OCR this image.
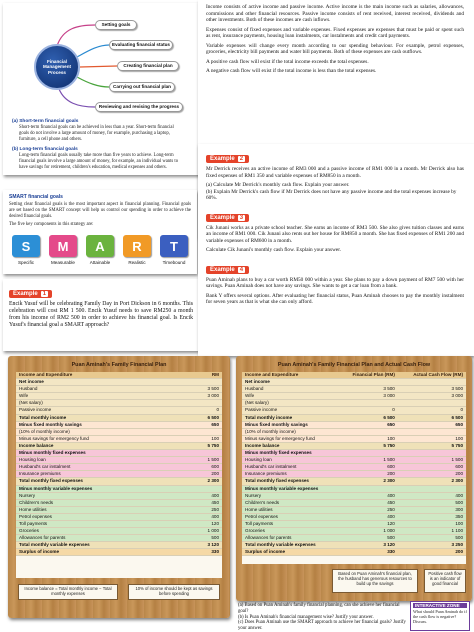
Financial
Management
Process
Setting goals
Evaluating financial status
Creating financial plan
Carrying out financial plan
Reviewing and revising the progress
(a) Short-term financial goals
Short-term financial goals can be achieved in less than a year. Short-term financial goals do not involve a large amount of money, for example, purchasing a laptop, furniture, a cell phone and others.
(b) Long-term financial goals
Long-term financial goals usually take more than five years to achieve. Long-term financial goals involve a large amount of money, for example, an individual wants to have savings for retirement, children's education, medical expenses and others.

Income consists of active income and passive income. Active income is the main income such as salaries, allowances, commissions and other financial resources. Passive income consists of rent received, interest received, dividends and other investments. Both of these incomes are cash inflows.

Expenses consist of fixed expenses and variable expenses. Fixed expenses are expenses that must be paid or spent such as rent, insurance payments, housing loan instalments, car instalments and credit card payments.

Variable expenses will change every month according to our spending behaviour. For example, petrol expenses, groceries, electricity bill payments and water bill payments. Both of these expenses are cash outflows.

A positive cash flow will exist if the total income exceeds the total expenses.

A negative cash flow will exist if the total income is less than the total expenses.

SMART financial goals
Setting clear financial goals is the most important aspect in financial planning. Financial goals are set based on the SMART concept will help us control our spending in order to achieve the desired financial goals.
The five key components in this strategy are:
S
Specific
M
Measurable
A
Attainable
R
Realistic
T
Timebound
Example 1

Encik Yusuf will be celebrating Family Day in Port Dickson in 6 months. This celebration will cost RM 1 500. Encik Yusuf needs to save RM250 a month from his income of RM2 500 in order to achieve his financial goal. Is Encik Yusuf's financial goal a SMART approach?

Example 2

Mr Derrick receives an active income of RM3 000 and a passive income of RM1 000 in a month. Mr Derrick also has fixed expenses of RM1 350 and variable expenses of RM850 in a month.

(a) Calculate Mr Derrick's monthly cash flow. Explain your answer.

(b) Explain Mr Derrick's cash flow if Mr Derrick does not have any passive income and the total expenses increase by 60%.

Example 3

Cik Junani works as a private school teacher. She earns an income of RM3 500. She also gives tuition classes and earns an income of RM1 000. Cik Junani also rents out her house for RM850 a month. She has fixed expenses of RM1 200 and variable expenses of RM600 in a month.

Calculate Cik Junani's monthly cash flow. Explain your answer.

Example 4

Puan Aminah plans to buy a car worth RM50 000 within a year. She plans to pay a down payment of RM7 500 with her savings. Puan Aminah does not have any savings. She wants to get a car loan from a bank.

Bank Y offers several options. After evaluating her financial status, Puan Aminah chooses to pay the monthly instalment for seven years as that is what she can only afford.

Puan Aminah's Family Financial Plan
Income and Expenditure	RM
Net income	
Husband	3 500
Wife	3 000
(Net salary)	
Passive income	0
Total monthly income	6 500
Minus fixed monthly savings	650
(10% of monthly income)	
Minus savings for emergency fund	100
Income balance	5 750
Minus monthly fixed expenses	
Housing loan	1 500
Husband's car instalment	600
Insurance premiums	200
Total monthly fixed expenses	2 300
Minus monthly variable expenses	
Nursery	400
Children's needs	450
Home utilities	250
Petrol expenses	400
Toll payments	120
Groceries	1 000
Allowances for parents	500
Total monthly variable expenses	3 120
Surplus of income	330
Income balance = Total monthly income − Total monthly expenses
10% of income should be kept as savings before spending
Puan Aminah's Family Financial Plan and Actual Cash Flow
Income and Expenditure	Financial Plan (RM)	Actual Cash Flow (RM)
Net income		
Husband	3 500	3 500
Wife	3 000	3 000
(Net salary)		
Passive income	0	0
Total monthly income	6 500	6 500
Minus fixed monthly savings	650	650
(10% of monthly income)		
Minus savings for emergency fund	100	100
Income balance	5 750	5 750
Minus monthly fixed expenses		
Housing loan	1 500	1 500
Husband's car instalment	600	600
Insurance premiums	200	200
Total monthly fixed expenses	2 300	2 300
Minus monthly variable expenses		
Nursery	400	400
Children's needs	450	500
Home utilities	250	300
Petrol expenses	400	350
Toll payments	120	100
Groceries	1 000	1 100
Allowances for parents	500	500
Total monthly variable expenses	3 120	3 250
Surplus of income	330	200
Based on Puan Aminah's financial plan, the husband has generous resources to build up the savings
Positive cash flow is an indicator of good financial

(a) Based on Puan Aminah's family financial planning, can she achieve her financial goal?

(b) Is Puan Aminah's financial management wise? Justify your answer.

(c) Does Puan Aminah use the SMART approach to achieve her financial goals? Justify your answer.

INTERACTIVE ZONE
What should Puan Aminah do if the cash flow is negative? Discuss.
